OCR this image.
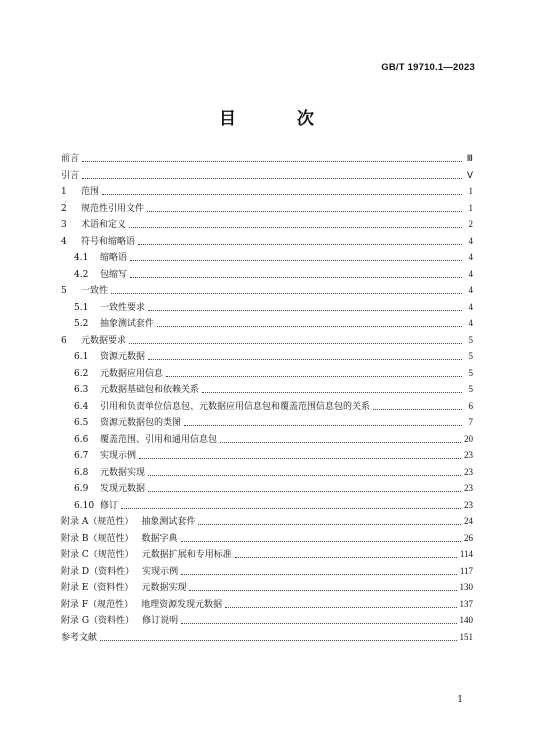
GB/T 19710.1—2023
目　次
前言	Ⅲ
引言	Ⅴ
1	范围	1
2	规范性引用文件	1
3	术语和定义	2
4	符号和缩略语	4
4.1	缩略语	4
4.2	包缩写	4
5	一致性	4
5.1	一致性要求	4
5.2	抽象测试套件	4
6	元数据要求	5
6.1	资源元数据	5
6.2	元数据应用信息	5
6.3	元数据基础包和依赖关系	5
6.4	引用和负责单位信息包、元数据应用信息包和覆盖范围信息包的关系	6
6.5	资源元数据包的类图	7
6.6	覆盖范围、引用和通用信息包	20
6.7	实现示例	23
6.8	元数据实现	23
6.9	发现元数据	23
6.10 修订	23
附录 A（规范性） 抽象测试套件	24
附录 B（规范性） 数据字典	26
附录 C（规范性） 元数据扩展和专用标准	114
附录 D（资料性） 实现示例	117
附录 E（资料性） 元数据实现	130
附录 F（规范性） 地理资源发现元数据	137
附录 G（资料性） 修订说明	140
参考文献	151
1
